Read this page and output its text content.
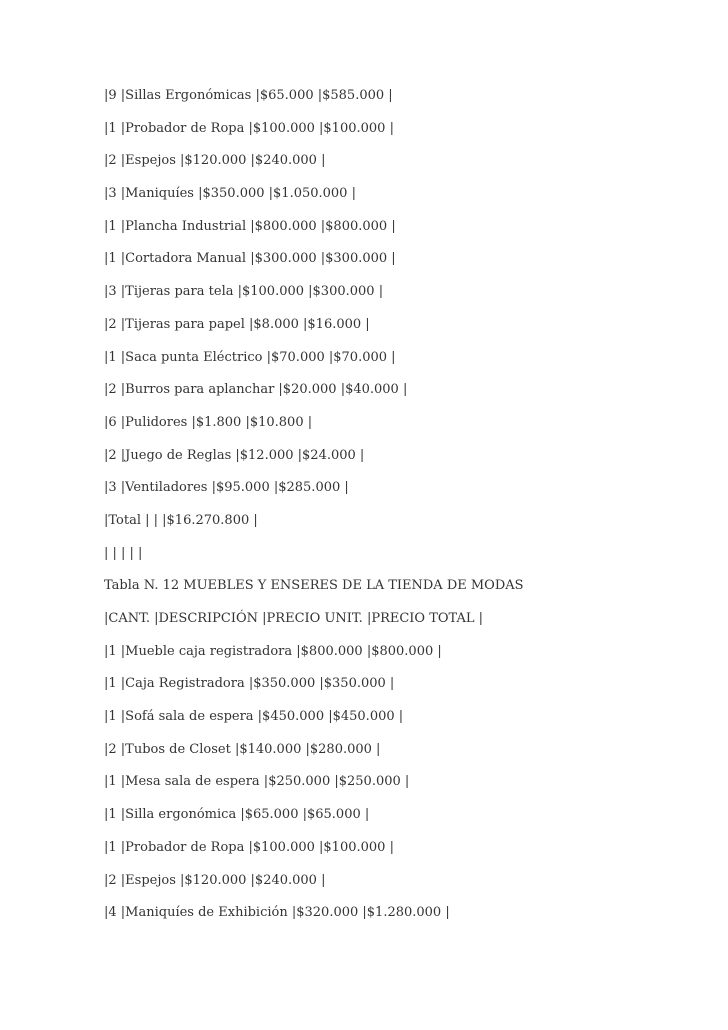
|9 |Sillas Ergonómicas |$65.000 |$585.000 |
|1 |Probador de Ropa |$100.000 |$100.000 |
|2 |Espejos |$120.000 |$240.000 |
|3 |Maniquíes |$350.000 |$1.050.000 |
|1 |Plancha Industrial |$800.000 |$800.000 |
|1 |Cortadora Manual |$300.000 |$300.000 |
|3 |Tijeras para tela |$100.000 |$300.000 |
|2 |Tijeras para papel |$8.000 |$16.000 |
|1 |Saca punta Eléctrico |$70.000 |$70.000 |
|2 |Burros para aplanchar |$20.000 |$40.000 |
|6 |Pulidores |$1.800 |$10.800 |
|2 |Juego de Reglas |$12.000 |$24.000 |
|3 |Ventiladores |$95.000 |$285.000 |
|Total | | |$16.270.800 |
| | | | |
Tabla N. 12 MUEBLES Y ENSERES DE LA TIENDA DE MODAS
|CANT. |DESCRIPCIÓN |PRECIO UNIT. |PRECIO TOTAL |
|1 |Mueble caja registradora |$800.000 |$800.000 |
|1 |Caja Registradora |$350.000 |$350.000 |
|1 |Sofá sala de espera |$450.000 |$450.000 |
|2 |Tubos de Closet |$140.000 |$280.000 |
|1 |Mesa sala de espera |$250.000 |$250.000 |
|1 |Silla ergonómica |$65.000 |$65.000 |
|1 |Probador de Ropa |$100.000 |$100.000 |
|2 |Espejos |$120.000 |$240.000 |
|4 |Maniquíes de Exhibición |$320.000 |$1.280.000 |
